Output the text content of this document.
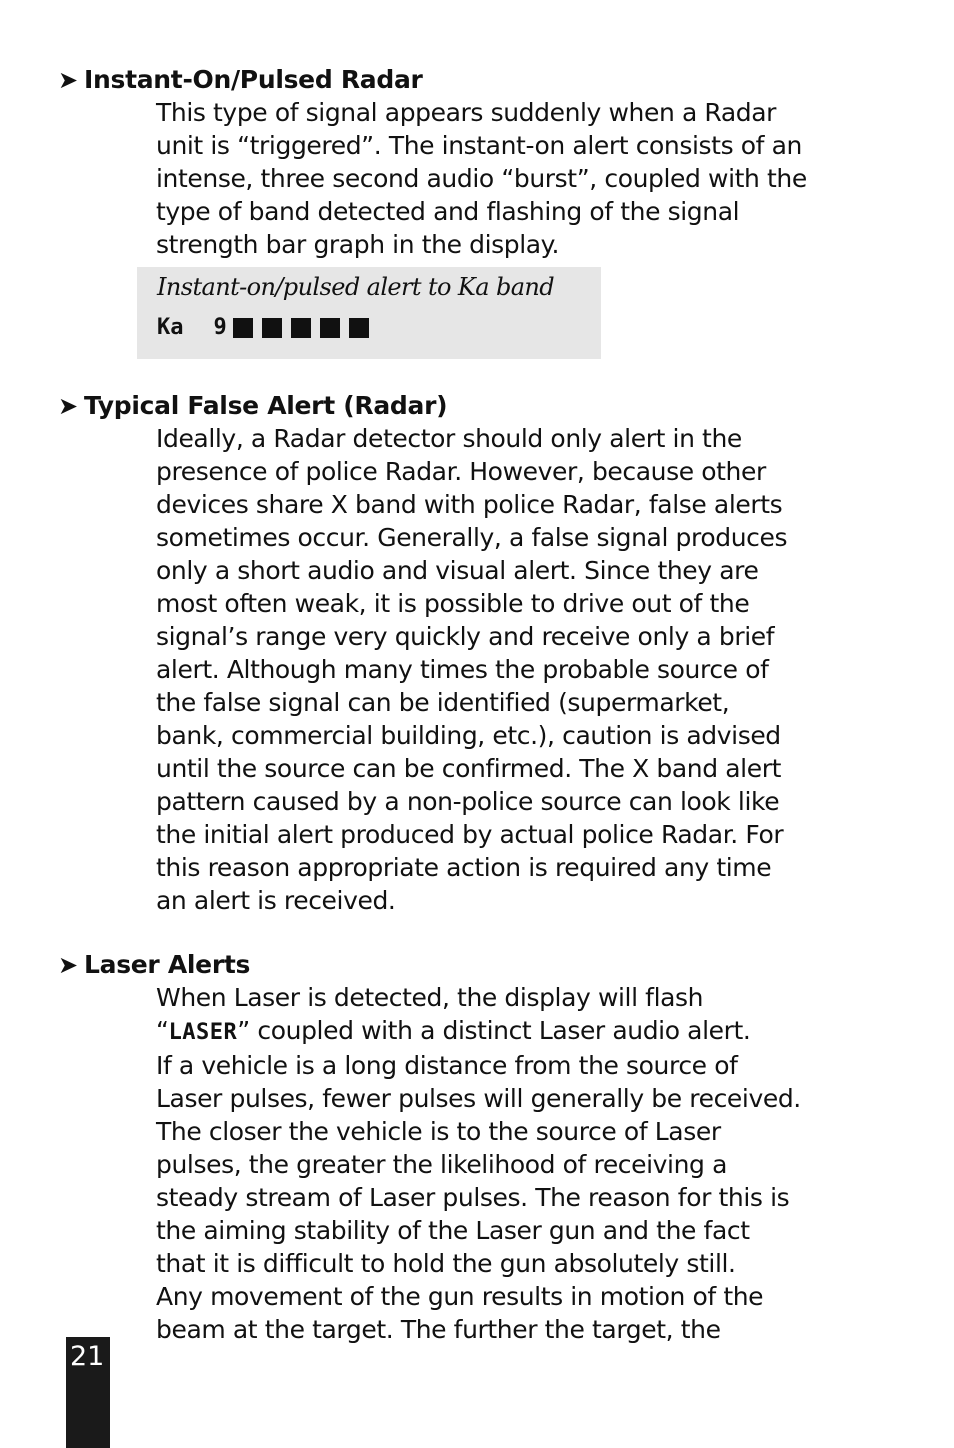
➤ Instant-On/Pulsed Radar
This type of signal appears suddenly when a Radar
unit is “triggered”. The instant-on alert consists of an
intense, three second audio “burst”, coupled with the
type of band detected and flashing of the signal
strength bar graph in the display.
Instant-on/pulsed alert to Ka band
Ka 9
➤ Typical False Alert (Radar)
Ideally, a Radar detector should only alert in the
presence of police Radar. However, because other
devices share X band with police Radar, false alerts
sometimes occur. Generally, a false signal produces
only a short audio and visual alert. Since they are
most often weak, it is possible to drive out of the
signal’s range very quickly and receive only a brief
alert. Although many times the probable source of
the false signal can be identified (supermarket,
bank, commercial building, etc.), caution is advised
until the source can be confirmed. The X band alert
pattern caused by a non-police source can look like
the initial alert produced by actual police Radar. For
this reason appropriate action is required any time
an alert is received.
➤ Laser Alerts
When Laser is detected, the display will flash
“LASER” coupled with a distinct Laser audio alert.
If a vehicle is a long distance from the source of
Laser pulses, fewer pulses will generally be received.
The closer the vehicle is to the source of Laser
pulses, the greater the likelihood of receiving a
steady stream of Laser pulses. The reason for this is
the aiming stability of the Laser gun and the fact
that it is difficult to hold the gun absolutely still.
Any movement of the gun results in motion of the
beam at the target. The further the target, the
21
